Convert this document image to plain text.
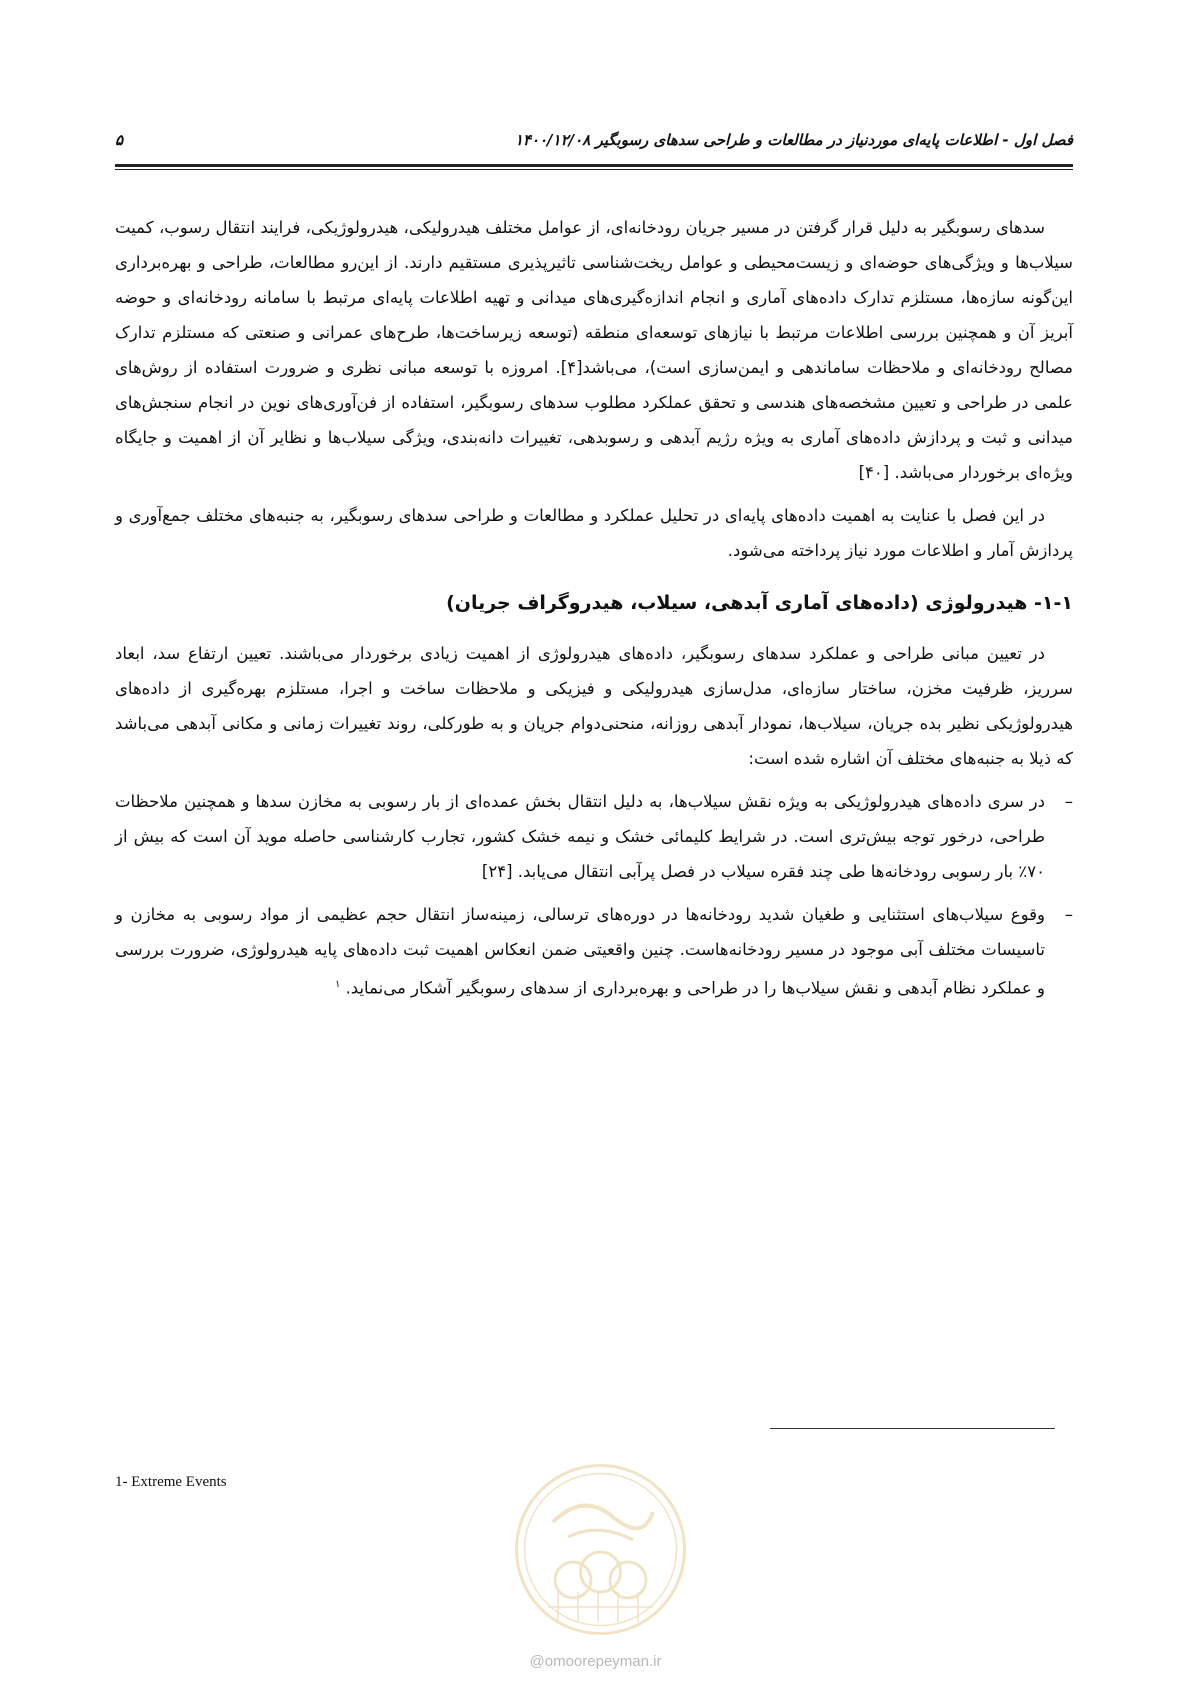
فصل اول - اطلاعات پایه‌ای موردنیاز در مطالعات و طراحی سدهای رسوبگیر ۱۴۰۰/۱۲/۰۸
۵

سدهای رسوبگیر به دلیل قرار گرفتن در مسیر جریان رودخانه‌ای، از عوامل مختلف هیدرولیکی، هیدرولوژیکی، فرایند انتقال رسوب، کمیت سیلاب‌ها و ویژگی‌های حوضه‌ای و زیست‌محیطی و عوامل ریخت‌شناسی تاثیرپذیری مستقیم دارند. از این‌رو مطالعات، طراحی و بهره‌برداری این‌گونه سازه‌ها، مستلزم تدارک داده‌های آماری و انجام اندازه‌گیری‌های میدانی و تهیه اطلاعات پایه‌ای مرتبط با سامانه رودخانه‌ای و حوضه آبریز آن و همچنین بررسی اطلاعات مرتبط با نیازهای توسعه‌ای منطقه (توسعه زیرساخت‌ها، طرح‌های عمرانی و صنعتی که مستلزم تدارک مصالح رودخانه‌ای و ملاحظات ساماندهی و ایمن‌سازی است)، می‌باشد[۴]. امروزه با توسعه مبانی نظری و ضرورت استفاده از روش‌های علمی در طراحی و تعیین مشخصه‌های هندسی و تحقق عملکرد مطلوب سدهای رسوبگیر، استفاده از فن‌آوری‌های نوین در انجام سنجش‌های میدانی و ثبت و پردازش داده‌های آماری به ویژه رژیم آبدهی و رسوبدهی، تغییرات دانه‌بندی، ویژگی سیلاب‌ها و نظایر آن از اهمیت و جایگاه ویژه‌ای برخوردار می‌باشد. [۴۰]

در این فصل با عنایت به اهمیت داده‌های پایه‌ای در تحلیل عملکرد و مطالعات و طراحی سدهای رسوبگیر، به جنبه‌های مختلف جمع‌آوری و پردازش آمار و اطلاعات مورد نیاز پرداخته می‌شود.

۱-۱- هیدرولوژی (داده‌های آماری آبدهی، سیلاب، هیدروگراف جریان)

در تعیین مبانی طراحی و عملکرد سدهای رسوبگیر، داده‌های هیدرولوژی از اهمیت زیادی برخوردار می‌باشند. تعیین ارتفاع سد، ابعاد سرریز، ظرفیت مخزن، ساختار سازه‌ای، مدل‌سازی هیدرولیکی و فیزیکی و ملاحظات ساخت و اجرا، مستلزم بهره‌گیری از داده‌های هیدرولوژیکی نظیر بده جریان، سیلاب‌ها، نمودار آبدهی روزانه، منحنی‌دوام جریان و به طورکلی، روند تغییرات زمانی و مکانی آبدهی می‌باشد که ذیلا به جنبه‌های مختلف آن اشاره شده است:

–
در سری داده‌های هیدرولوژیکی به ویژه نقش سیلاب‌ها، به دلیل انتقال بخش عمده‌ای از بار رسوبی به مخازن سدها و همچنین ملاحظات طراحی، درخور توجه بیش‌تری است. در شرایط کلیمائی خشک و نیمه خشک کشور، تجارب کارشناسی حاصله موید آن است که بیش از ۷۰٪ بار رسوبی رودخانه‌ها طی چند فقره سیلاب در فصل پرآبی انتقال می‌یابد. [۲۴]
–
وقوع سیلاب‌های استثنایی و طغیان شدید رودخانه‌ها در دوره‌های ترسالی، زمینه‌ساز انتقال حجم عظیمی از مواد رسوبی به مخازن و تاسیسات مختلف آبی موجود در مسیر رودخانه‌هاست. چنین واقعیتی ضمن انعکاس اهمیت ثبت داده‌های پایه هیدرولوژی، ضرورت بررسی و عملکرد نظام آبدهی و نقش سیلاب‌ها را در طراحی و بهره‌برداری از سدهای رسوبگیر آشکار می‌نماید. $^۱$
1- Extreme Events
@omoorepeyman.ir
